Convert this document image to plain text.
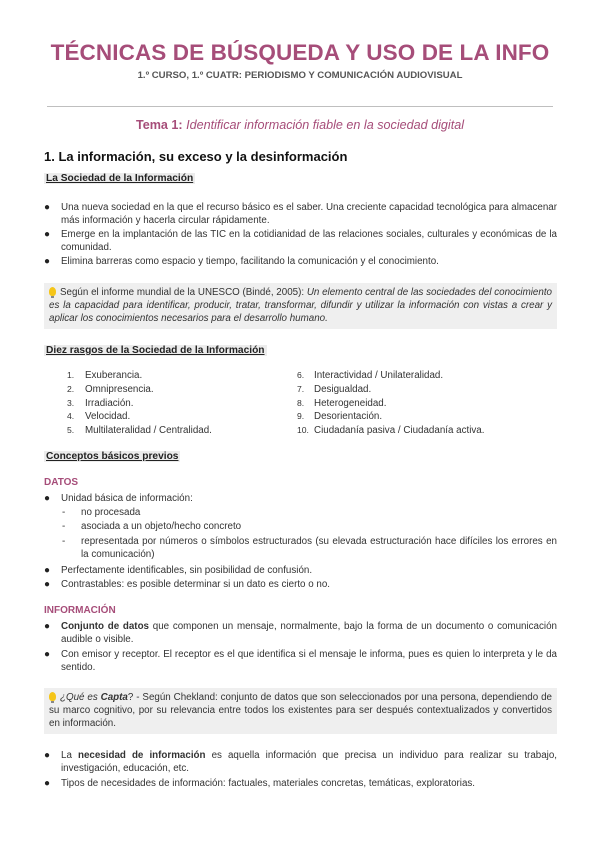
TÉCNICAS DE BÚSQUEDA Y USO DE LA INFO
1.º CURSO, 1.º CUATR: PERIODISMO Y COMUNICACIÓN AUDIOVISUAL
Tema 1: Identificar información fiable en la sociedad digital
1. La información, su exceso y la desinformación
La Sociedad de la Información
● Una nueva sociedad en la que el recurso básico es el saber. Una creciente capacidad tecnológica para almacenar más información y hacerla circular rápidamente.
● Emerge en la implantación de las TIC en la cotidianidad de las relaciones sociales, culturales y económicas de la comunidad.
● Elimina barreras como espacio y tiempo, facilitando la comunicación y el conocimiento.
Según el informe mundial de la UNESCO (Bindé, 2005): Un elemento central de las sociedades del conocimiento es la capacidad para identificar, producir, tratar, transformar, difundir y utilizar la información con vistas a crear y aplicar los conocimientos necesarios para el desarrollo humano.
Diez rasgos de la Sociedad de la Información
1. Exuberancia.
2. Omnipresencia.
3. Irradiación.
4. Velocidad.
5. Multilateralidad / Centralidad.
6. Interactividad / Unilateralidad.
7. Desigualdad.
8. Heterogeneidad.
9. Desorientación.
10. Ciudadanía pasiva / Ciudadanía activa.
Conceptos básicos previos
DATOS
● Unidad básica de información:
- no procesada
- asociada a un objeto/hecho concreto
- representada por números o símbolos estructurados (su elevada estructuración hace difíciles los errores en la comunicación)
● Perfectamente identificables, sin posibilidad de confusión.
● Contrastables: es posible determinar si un dato es cierto o no.
INFORMACIÓN
● Conjunto de datos que componen un mensaje, normalmente, bajo la forma de un documento o comunicación audible o visible.
● Con emisor y receptor. El receptor es el que identifica si el mensaje le informa, pues es quien lo interpreta y le da sentido.
¿Qué es Capta? - Según Chekland: conjunto de datos que son seleccionados por una persona, dependiendo de su marco cognitivo, por su relevancia entre todos los existentes para ser después contextualizados y convertidos en información.
● La necesidad de información es aquella información que precisa un individuo para realizar su trabajo, investigación, educación, etc.
● Tipos de necesidades de información: factuales, materiales concretas, temáticas, exploratorias.
